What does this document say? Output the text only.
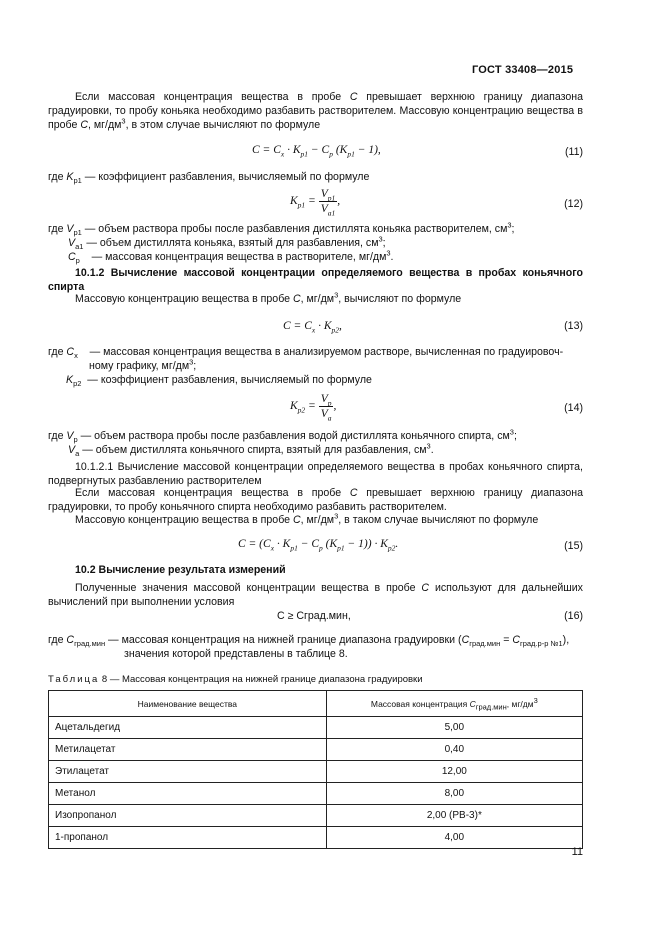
ГОСТ 33408—2015
Если массовая концентрация вещества в пробе C превышает верхнюю границу диапазона градуировки, то пробу коньяка необходимо разбавить растворителем. Массовую концентрацию вещества в пробе C, $мг/дм^3$, в этом случае вычисляют по формуле
$C = C_x \cdot K_{р1} - C_р$ $(K_{р1} - 1)$,	(11)
где $K_{р1}$ — коэффициент разбавления, вычисляемый по формуле
$K_{р1} = \frac{V_{р1}}{V_{а1}}$ ,	(12)
где $V_{р1}$ — объем раствора пробы после разбавления дистиллята коньяка растворителем, $см^3$;
$V_{а1}$ — объем дистиллята коньяка, взятый для разбавления, $см^3$;
$C_р$    — массовая концентрация вещества в растворителе, $мг/дм^3$.
10.1.2 Вычисление массовой концентрации определяемого вещества в пробах коньячного спирта
Массовую концентрацию вещества в пробе C, $мг/дм^3$, вычисляют по формуле
$C = C_x \cdot K_{р2}$,	(13)
где $C_x$    — массовая концентрация вещества в анализируемом растворе, вычисленная по градуировоч-
ному графику, $мг/дм^3$;
$K_{р2}$  — коэффициент разбавления, вычисляемый по формуле
$K_{р2} = \frac{V_р}{V_а}$ ,	(14)
где $V_р$ — объем раствора пробы после разбавления водой дистиллята коньячного спирта, $см^3$;
$V_а$ — объем дистиллята коньячного спирта, взятый для разбавления, $см^3$.
10.1.2.1 Вычисление массовой концентрации определяемого вещества в пробах коньячного спирта, подвергнутых разбавлению растворителем
Если массовая концентрация вещества в пробе C превышает верхнюю границу диапазона градуировки, то пробу коньячного спирта необходимо разбавить растворителем.
Массовую концентрацию вещества в пробе C, $мг/дм^3$, в таком случае вычисляют по формуле
$C = (C_x \cdot K_{р1} - C_р$ $(K_{р1} - 1)) \cdot K_{р2}$.	(15)
10.2 Вычисление результата измерений
Полученные значения массовой концентрации вещества в пробе C используют для дальнейших вычислений при выполнении условия
C ≥ Cград.мин,	(16)
где $C_{град.мин}$ — массовая концентрация на нижней границе диапазона градуировки $(C_{град.мин} = C_{град.р-р №1})$,
значения которой представлены в таблице 8.
Таблица 8 — Массовая концентрация на нижней границе диапазона градуировки
Наименование вещества	Массовая концентрация $C_{град.мин}$, $мг/дм^3$
Ацетальдегид	5,00
Метилацетат	0,40
Этилацетат	12,00
Метанол	8,00
Изопропанол	2,00 (РВ-3)*
1-пропанол	4,00
11
